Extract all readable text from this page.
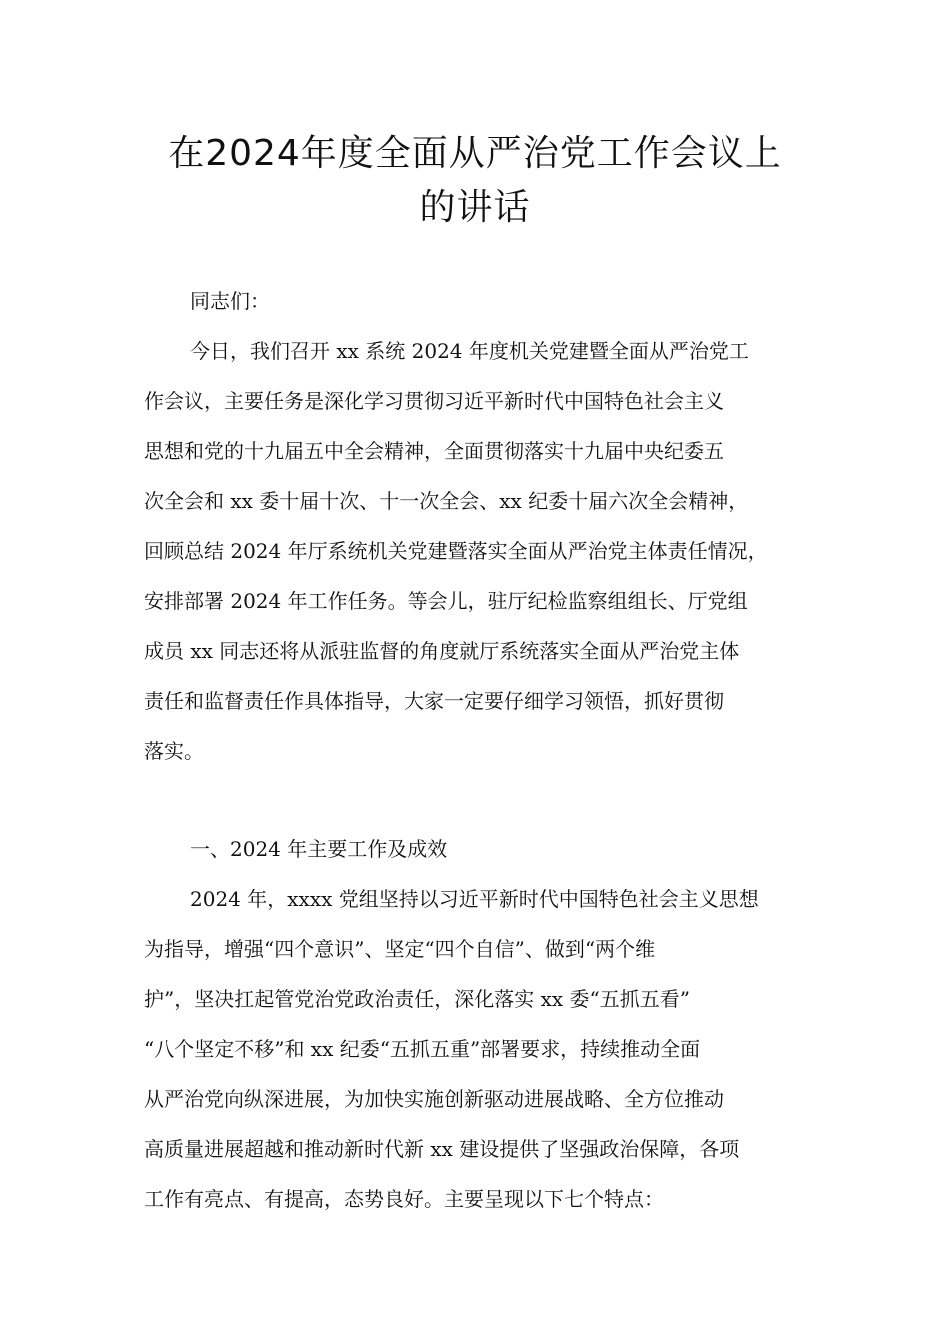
在2024年度全面从严治党工作会议上
的讲话
同志们：
今日，我们召开 xx 系统 2024 年度机关党建暨全面从严治党工
作会议，主要任务是深化学习贯彻习近平新时代中国特色社会主义
思想和党的十九届五中全会精神，全面贯彻落实十九届中央纪委五
次全会和 xx 委十届十次、十一次全会、xx 纪委十届六次全会精神，
回顾总结 2024 年厅系统机关党建暨落实全面从严治党主体责任情况，
安排部署 2024 年工作任务。等会儿，驻厅纪检监察组组长、厅党组
成员 xx 同志还将从派驻监督的角度就厅系统落实全面从严治党主体
责任和监督责任作具体指导，大家一定要仔细学习领悟，抓好贯彻
落实。
一、2024 年主要工作及成效
2024 年，xxxx 党组坚持以习近平新时代中国特色社会主义思想
为指导，增强“四个意识”、坚定“四个自信”、做到“两个维
护”，坚决扛起管党治党政治责任，深化落实 xx 委“五抓五看”
“八个坚定不移”和 xx 纪委“五抓五重”部署要求，持续推动全面
从严治党向纵深进展，为加快实施创新驱动进展战略、全方位推动
高质量进展超越和推动新时代新 xx 建设提供了坚强政治保障，各项
工作有亮点、有提高，态势良好。主要呈现以下七个特点：
